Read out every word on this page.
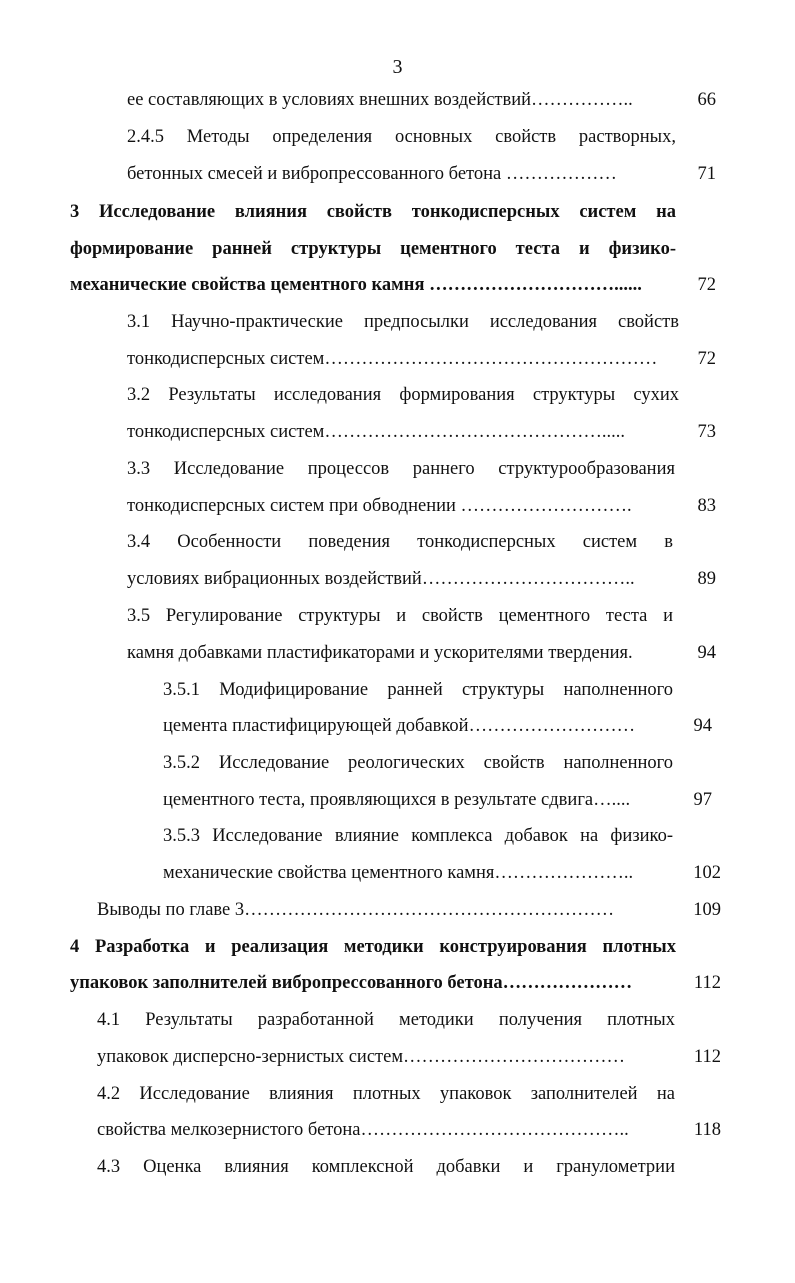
3
ее составляющих в условиях внешних воздействий……………..	66
2.4.5 Методы определения основных свойств растворных,
бетонных смесей и вибропрессованного бетона ………………	71
3 Исследование влияния свойств тонкодисперсных систем на
формирование ранней структуры цементного теста и физико-
механические свойства цементного камня …………………………......	72
3.1 Научно-практические предпосылки исследования свойств
тонкодисперсных систем………………………………………………	72
3.2 Результаты исследования формирования структуры сухих
тонкодисперсных систем……………………………………….....	73
3.3 Исследование процессов раннего структурообразования
тонкодисперсных систем при обводнении ……………………….	83
3.4 Особенности поведения тонкодисперсных систем в
условиях вибрационных воздействий……………………………..	89
3.5 Регулирование структуры и свойств цементного теста и
камня добавками пластификаторами и ускорителями твердения.	94
3.5.1 Модифицирование ранней структуры наполненного
цемента пластифицирующей добавкой………………………	94
3.5.2 Исследование реологических свойств наполненного
цементного теста, проявляющихся в результате сдвига…....	97
3.5.3 Исследование влияние комплекса добавок на физико-
механические свойства цементного камня…………………..	102
Выводы по главе 3……………………………………………………	109
4 Разработка и реализация методики конструирования плотных
упаковок заполнителей вибропрессованного бетона…………………	112
4.1 Результаты разработанной методики получения плотных
упаковок дисперсно-зернистых систем………………………………	112
4.2 Исследование влияния плотных упаковок заполнителей на
свойства мелкозернистого бетона……………………………………..	118
4.3 Оценка влияния комплексной добавки и гранулометрии
